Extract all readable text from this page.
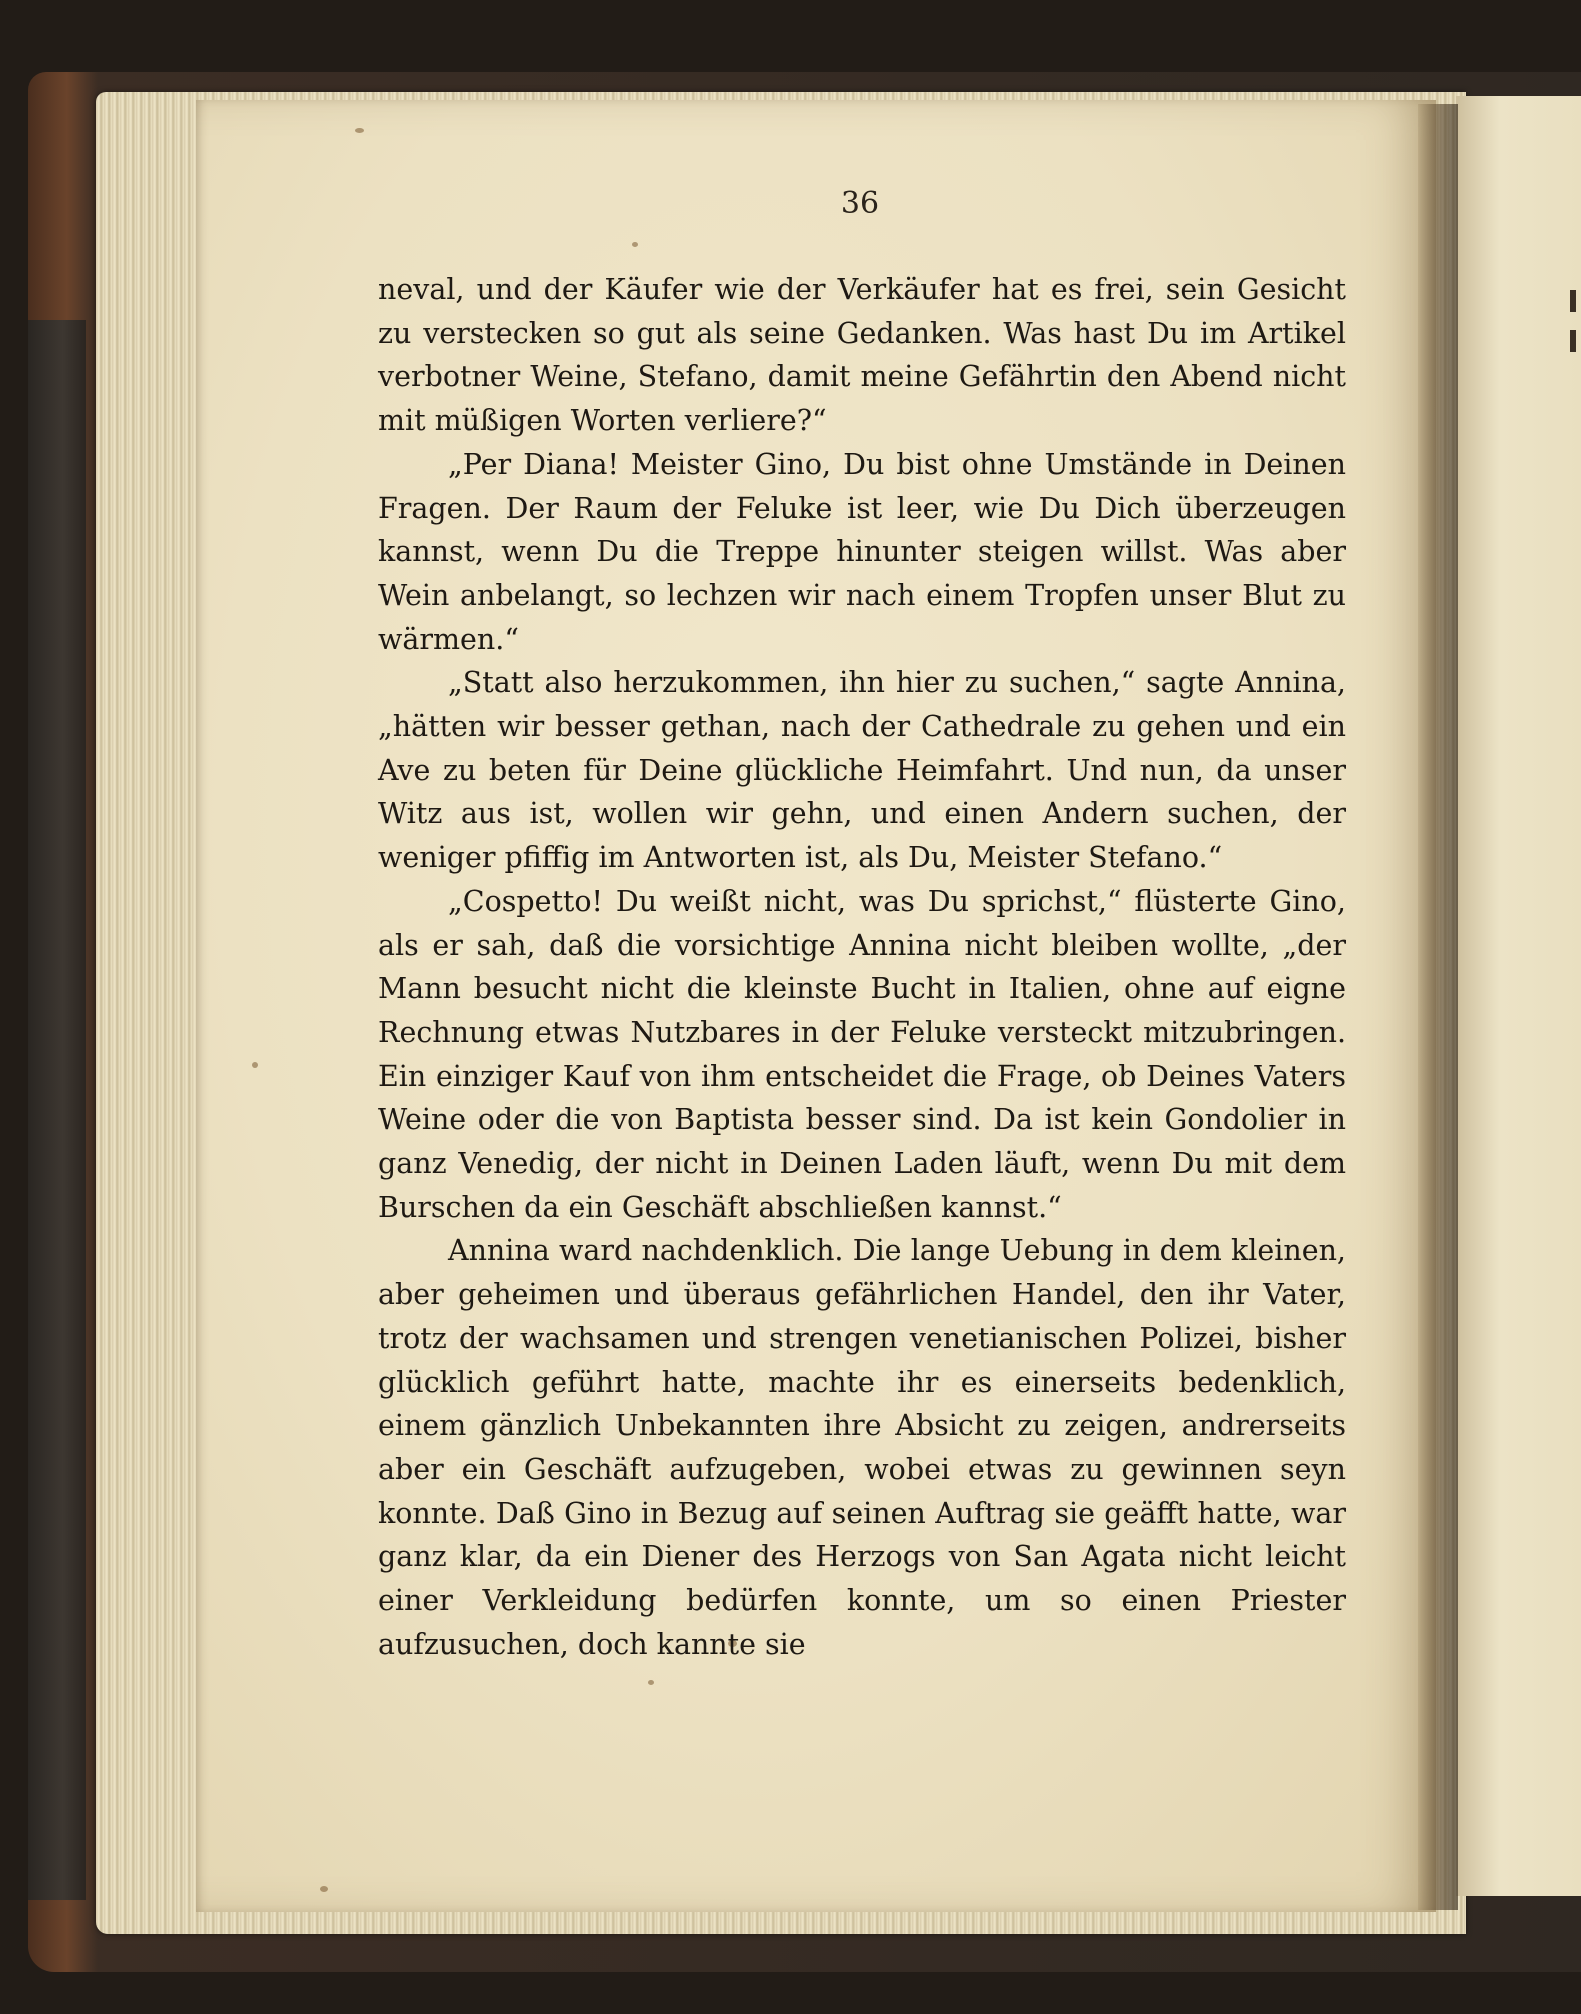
36

neval, und der Käufer wie der Verkäufer hat es frei, sein Gesicht zu verstecken so gut als seine Gedanken. Was hast Du im Artikel verbotner Weine, Stefano, damit meine Gefährtin den Abend nicht mit müßigen Worten verliere?“

„Per Diana! Meister Gino, Du bist ohne Umstände in Deinen Fragen. Der Raum der Feluke ist leer, wie Du Dich überzeugen kannst, wenn Du die Treppe hinunter steigen willst. Was aber Wein anbelangt, so lechzen wir nach einem Tropfen unser Blut zu wärmen.“

„Statt also herzukommen, ihn hier zu suchen,“ sagte Annina, „hätten wir besser gethan, nach der Cathedrale zu gehen und ein Ave zu beten für Deine glückliche Heimfahrt. Und nun, da unser Witz aus ist, wollen wir gehn, und einen Andern suchen, der weniger pfiffig im Antworten ist, als Du, Meister Stefano.“

„Cospetto! Du weißt nicht, was Du sprichst,“ flüsterte Gino, als er sah, daß die vorsichtige Annina nicht bleiben wollte, „der Mann besucht nicht die kleinste Bucht in Italien, ohne auf eigne Rechnung etwas Nutzbares in der Feluke versteckt mitzubringen. Ein einziger Kauf von ihm entscheidet die Frage, ob Deines Vaters Weine oder die von Baptista besser sind. Da ist kein Gondolier in ganz Venedig, der nicht in Deinen Laden läuft, wenn Du mit dem Burschen da ein Geschäft abschließen kannst.“

Annina ward nachdenklich. Die lange Uebung in dem kleinen, aber geheimen und überaus gefährlichen Handel, den ihr Vater, trotz der wachsamen und strengen venetianischen Polizei, bisher glücklich geführt hatte, machte ihr es einerseits bedenklich, einem gänzlich Unbekannten ihre Absicht zu zeigen, andrerseits aber ein Geschäft aufzugeben, wobei etwas zu gewinnen seyn konnte. Daß Gino in Bezug auf seinen Auftrag sie geäfft hatte, war ganz klar, da ein Diener des Herzogs von San Agata nicht leicht einer Verkleidung bedürfen konnte, um so einen Priester aufzusuchen, doch kannte sie
